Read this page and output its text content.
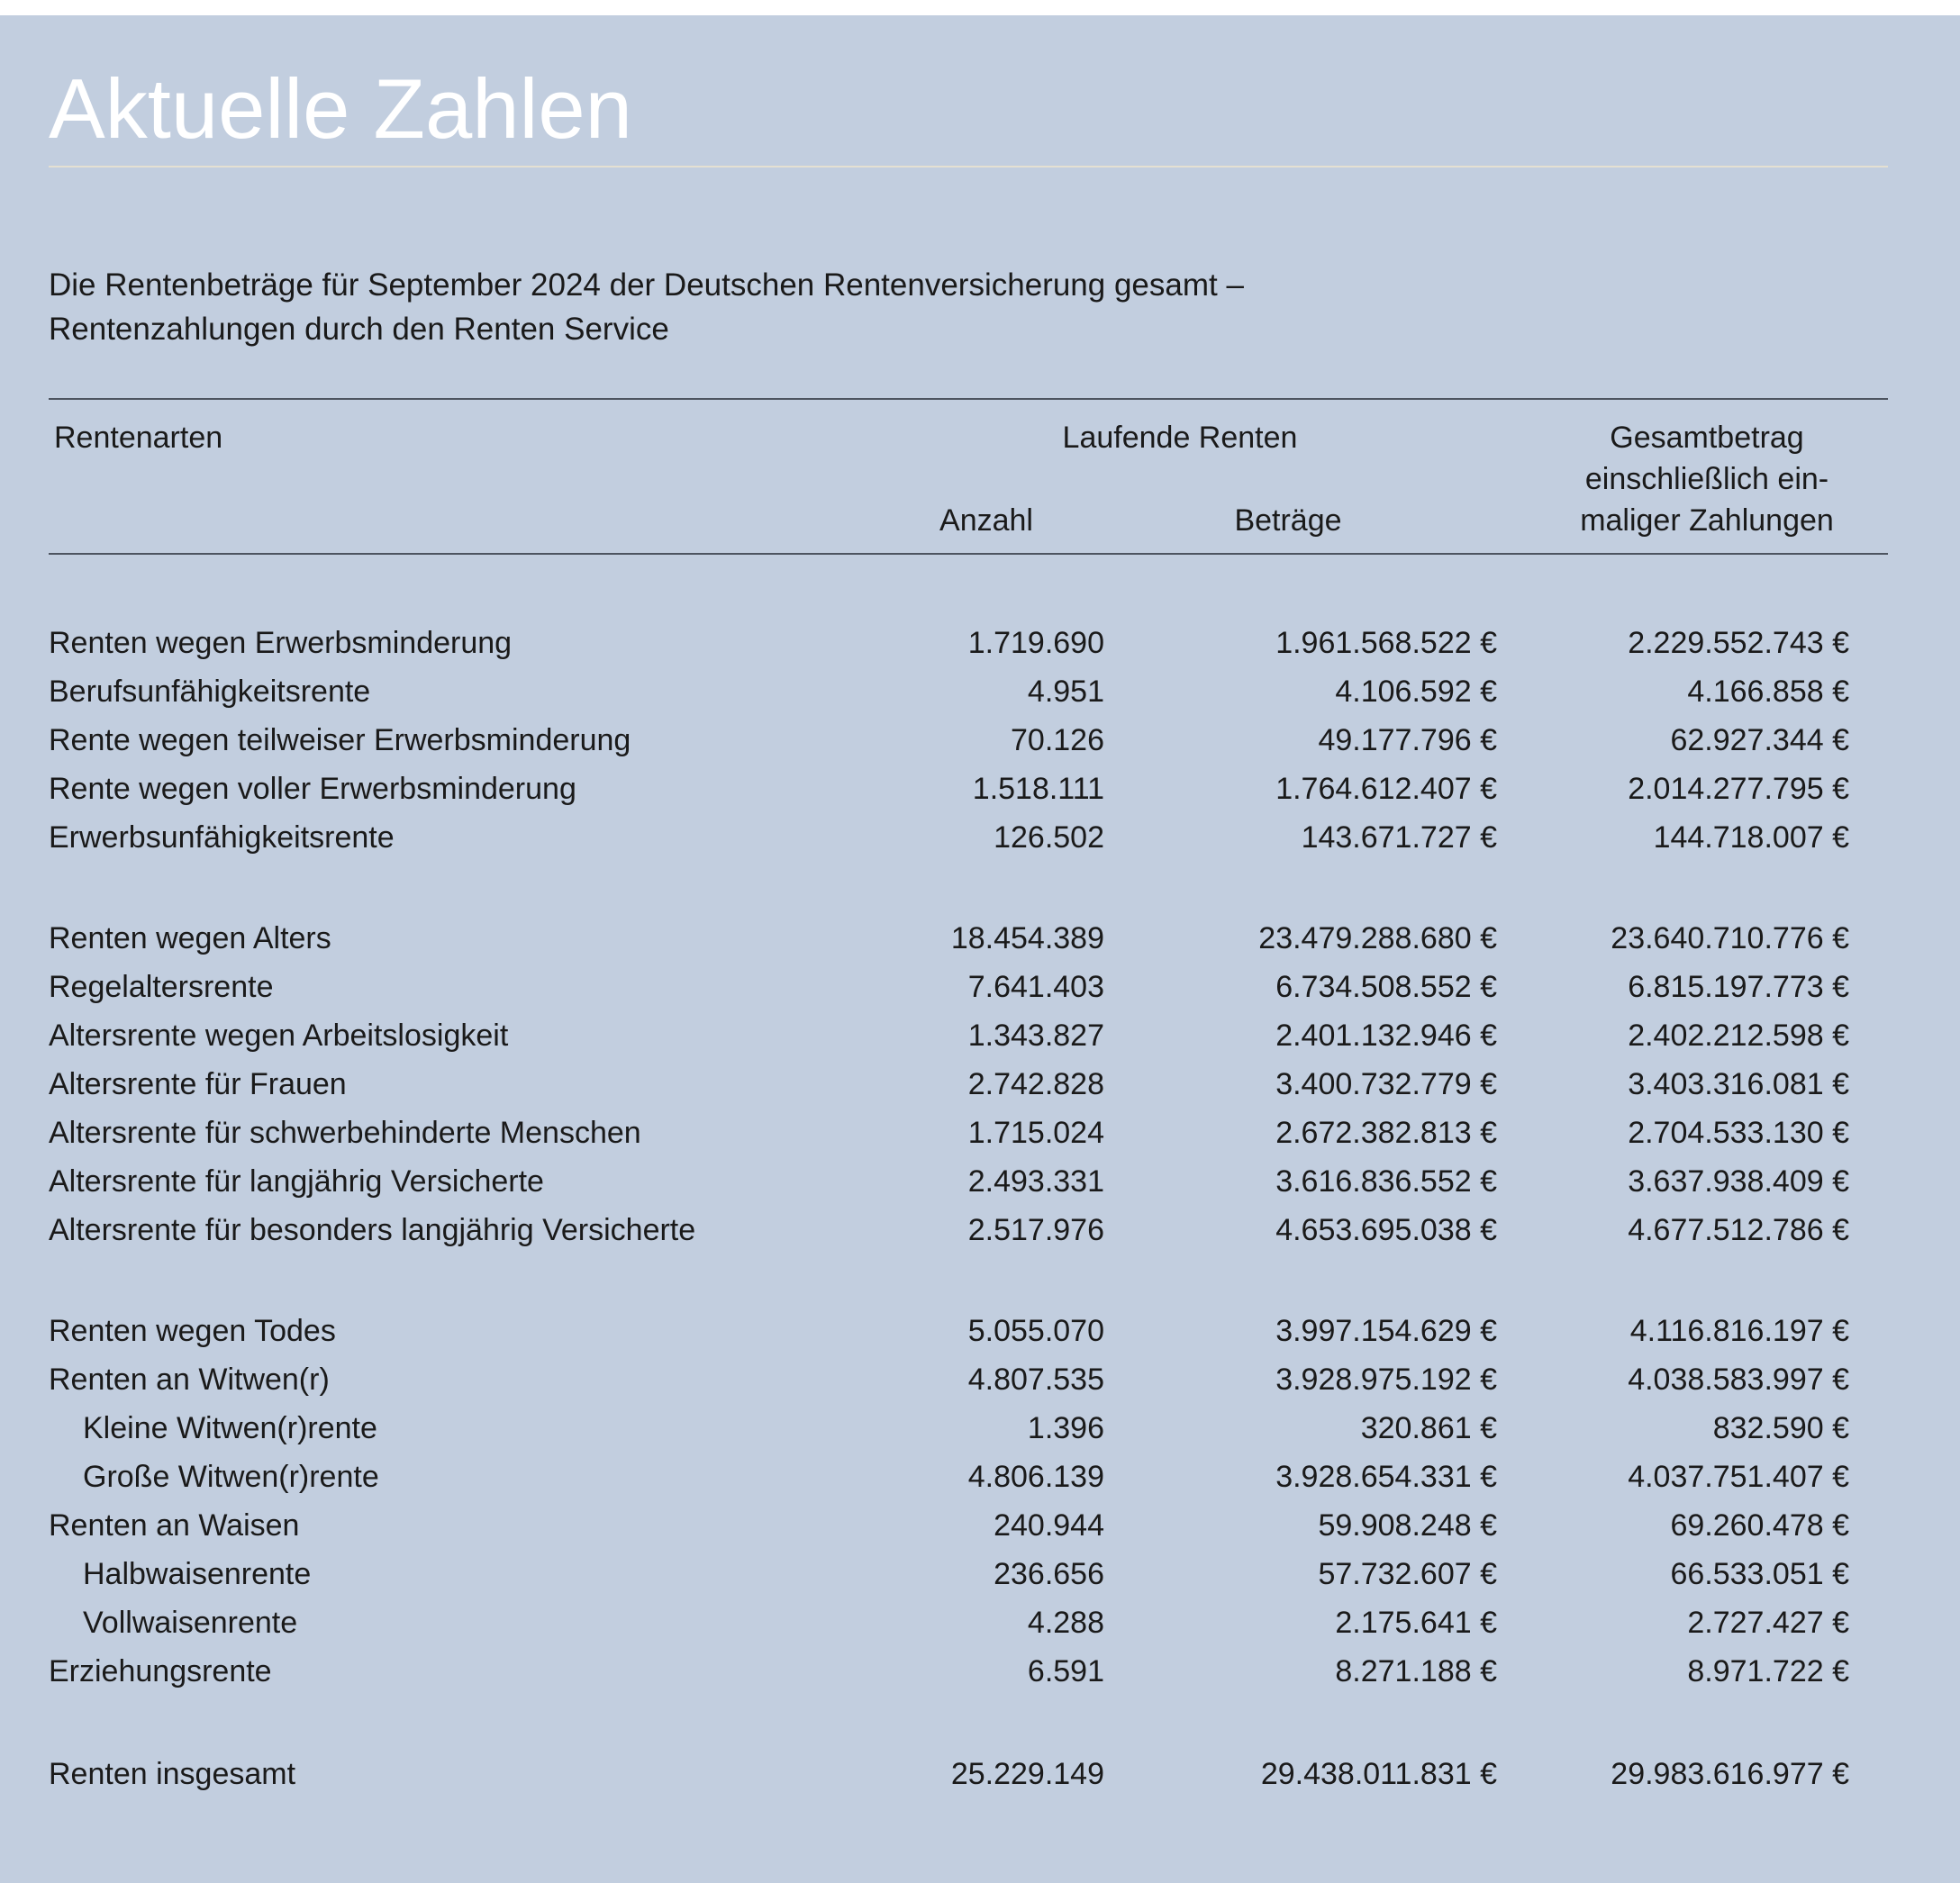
Aktuelle Zahlen
Die Rentenbeträge für September 2024 der Deutschen Rentenversicherung gesamt –
Rentenzahlungen durch den Renten Service
Rentenarten	Laufende Renten
Anzahl	Beträge
Gesamtbetrag
einschließlich ein-
maliger Zahlungen
Renten wegen Erwerbsminderung	1.719.690	1.961.568.522 €	2.229.552.743 €
Berufsunfähigkeitsrente	4.951	4.106.592 €	4.166.858 €
Rente wegen teilweiser Erwerbsminderung	70.126	49.177.796 €	62.927.344 €
Rente wegen voller Erwerbsminderung	1.518.111	1.764.612.407 €	2.014.277.795 €
Erwerbsunfähigkeitsrente	126.502	143.671.727 €	144.718.007 €
Renten wegen Alters	18.454.389	23.479.288.680 €	23.640.710.776 €
Regelaltersrente	7.641.403	6.734.508.552 €	6.815.197.773 €
Altersrente wegen Arbeitslosigkeit	1.343.827	2.401.132.946 €	2.402.212.598 €
Altersrente für Frauen	2.742.828	3.400.732.779 €	3.403.316.081 €
Altersrente für schwerbehinderte Menschen	1.715.024	2.672.382.813 €	2.704.533.130 €
Altersrente für langjährig Versicherte	2.493.331	3.616.836.552 €	3.637.938.409 €
Altersrente für besonders langjährig Versicherte	2.517.976	4.653.695.038 €	4.677.512.786 €
Renten wegen Todes	5.055.070	3.997.154.629 €	4.116.816.197 €
Renten an Witwen(r)	4.807.535	3.928.975.192 €	4.038.583.997 €
Kleine Witwen(r)rente	1.396	320.861 €	832.590 €
Große Witwen(r)rente	4.806.139	3.928.654.331 €	4.037.751.407 €
Renten an Waisen	240.944	59.908.248 €	69.260.478 €
Halbwaisenrente	236.656	57.732.607 €	66.533.051 €
Vollwaisenrente	4.288	2.175.641 €	2.727.427 €
Erziehungsrente	6.591	8.271.188 €	8.971.722 €
Renten insgesamt	25.229.149	29.438.011.831 €	29.983.616.977 €
